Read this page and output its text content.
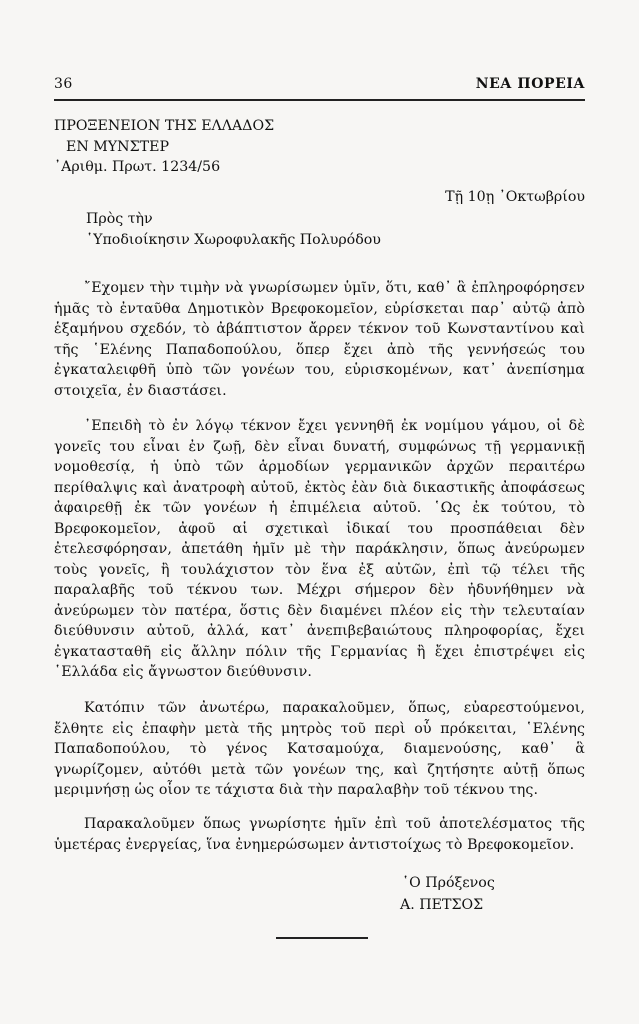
36	ΝΕΑ ΠΟΡΕΙΑ
ΠΡΟΞΕΝΕΙΟΝ ΤΗΣ ΕΛΛΑΔΟΣ
ΕΝ ΜΥΝΣΤΕΡ
᾿Αριθμ. Πρωτ. 1234/56
Τῇ 10ῃ ᾿Οκτωβρίου
Πρὸς τὴν
῾Υποδιοίκησιν Χωροφυλακῆς Πολυρόδου

῎Εχομεν τὴν τιμὴν νὰ γνωρίσωμεν ὑμῖν, ὅτι, καθ᾿ ἃ ἐπληροφόρησεν ἡμᾶς τὸ ἐνταῦθα Δημοτικὸν Βρεφοκομεῖον, εὑρίσκεται παρ᾿ αὐτῷ ἀπὸ ἑξαμήνου σχεδόν, τὸ ἀβάπτιστον ἄρρεν τέκνον τοῦ Κωνσταντίνου καὶ τῆς ῾Ελένης Παπαδοπούλου, ὅπερ ἔχει ἀπὸ τῆς γεννήσεώς του ἐγκαταλειφθῆ ὑπὸ τῶν γονέων του, εὑρισκομένων, κατ᾿ ἀνεπίσημα στοιχεῖα, ἐν διαστάσει.

᾿Επειδὴ τὸ ἐν λόγῳ τέκνον ἔχει γεννηθῆ ἐκ νομίμου γάμου, οἱ δὲ γονεῖς του εἶναι ἐν ζωῇ, δὲν εἶναι δυνατή, συμφώνως τῇ γερμανικῇ νομοθεσίᾳ, ἡ ὑπὸ τῶν ἁρμοδίων γερμανικῶν ἀρχῶν περαιτέρω περίθαλψις καὶ ἀνατροφὴ αὐτοῦ, ἐκτὸς ἐὰν διὰ δικαστικῆς ἀποφάσεως ἀφαιρεθῇ ἐκ τῶν γονέων ἡ ἐπιμέλεια αὐτοῦ. ῾Ως ἐκ τούτου, τὸ Βρεφοκομεῖον, ἀφοῦ αἱ σχετικαὶ ἰδικαί του προσπάθειαι δὲν ἐτελεσφόρησαν, ἀπετάθη ἡμῖν μὲ τὴν παράκλησιν, ὅπως ἀνεύρωμεν τοὺς γονεῖς, ἢ τουλάχιστον τὸν ἕνα ἐξ αὐτῶν, ἐπὶ τῷ τέλει τῆς παραλαβῆς τοῦ τέκνου των. Μέχρι σήμερον δὲν ἠδυνήθημεν νὰ ἀνεύρωμεν τὸν πατέρα, ὅστις δὲν διαμένει πλέον εἰς τὴν τελευταίαν διεύθυνσιν αὐτοῦ, ἀλλά, κατ᾿ ἀνεπιβεβαιώτους πληροφορίας, ἔχει ἐγκατασταθῆ εἰς ἄλλην πόλιν τῆς Γερμανίας ἢ ἔχει ἐπιστρέψει εἰς ῾Ελλάδα εἰς ἄγνωστον διεύθυνσιν.

Κατόπιν τῶν ἀνωτέρω, παρακαλοῦμεν, ὅπως, εὐαρεστούμενοι, ἔλθητε εἰς ἐπαφὴν μετὰ τῆς μητρὸς τοῦ περὶ οὗ πρόκειται, ῾Ελένης Παπαδοπούλου, τὸ γένος Κατσαμούχα, διαμενούσης, καθ᾿ ἃ γνωρίζομεν, αὐτόθι μετὰ τῶν γονέων της, καὶ ζητήσητε αὐτῇ ὅπως μεριμνήσῃ ὡς οἷον τε τάχιστα διὰ τὴν παραλαβὴν τοῦ τέκνου της.

Παρακαλοῦμεν ὅπως γνωρίσητε ἡμῖν ἐπὶ τοῦ ἀποτελέσματος τῆς ὑμετέρας ἐνεργείας, ἵνα ἐνημερώσωμεν ἀντιστοίχως τὸ Βρεφοκομεῖον.

῾Ο Πρόξενος
Α. ΠΕΤΣΟΣ
